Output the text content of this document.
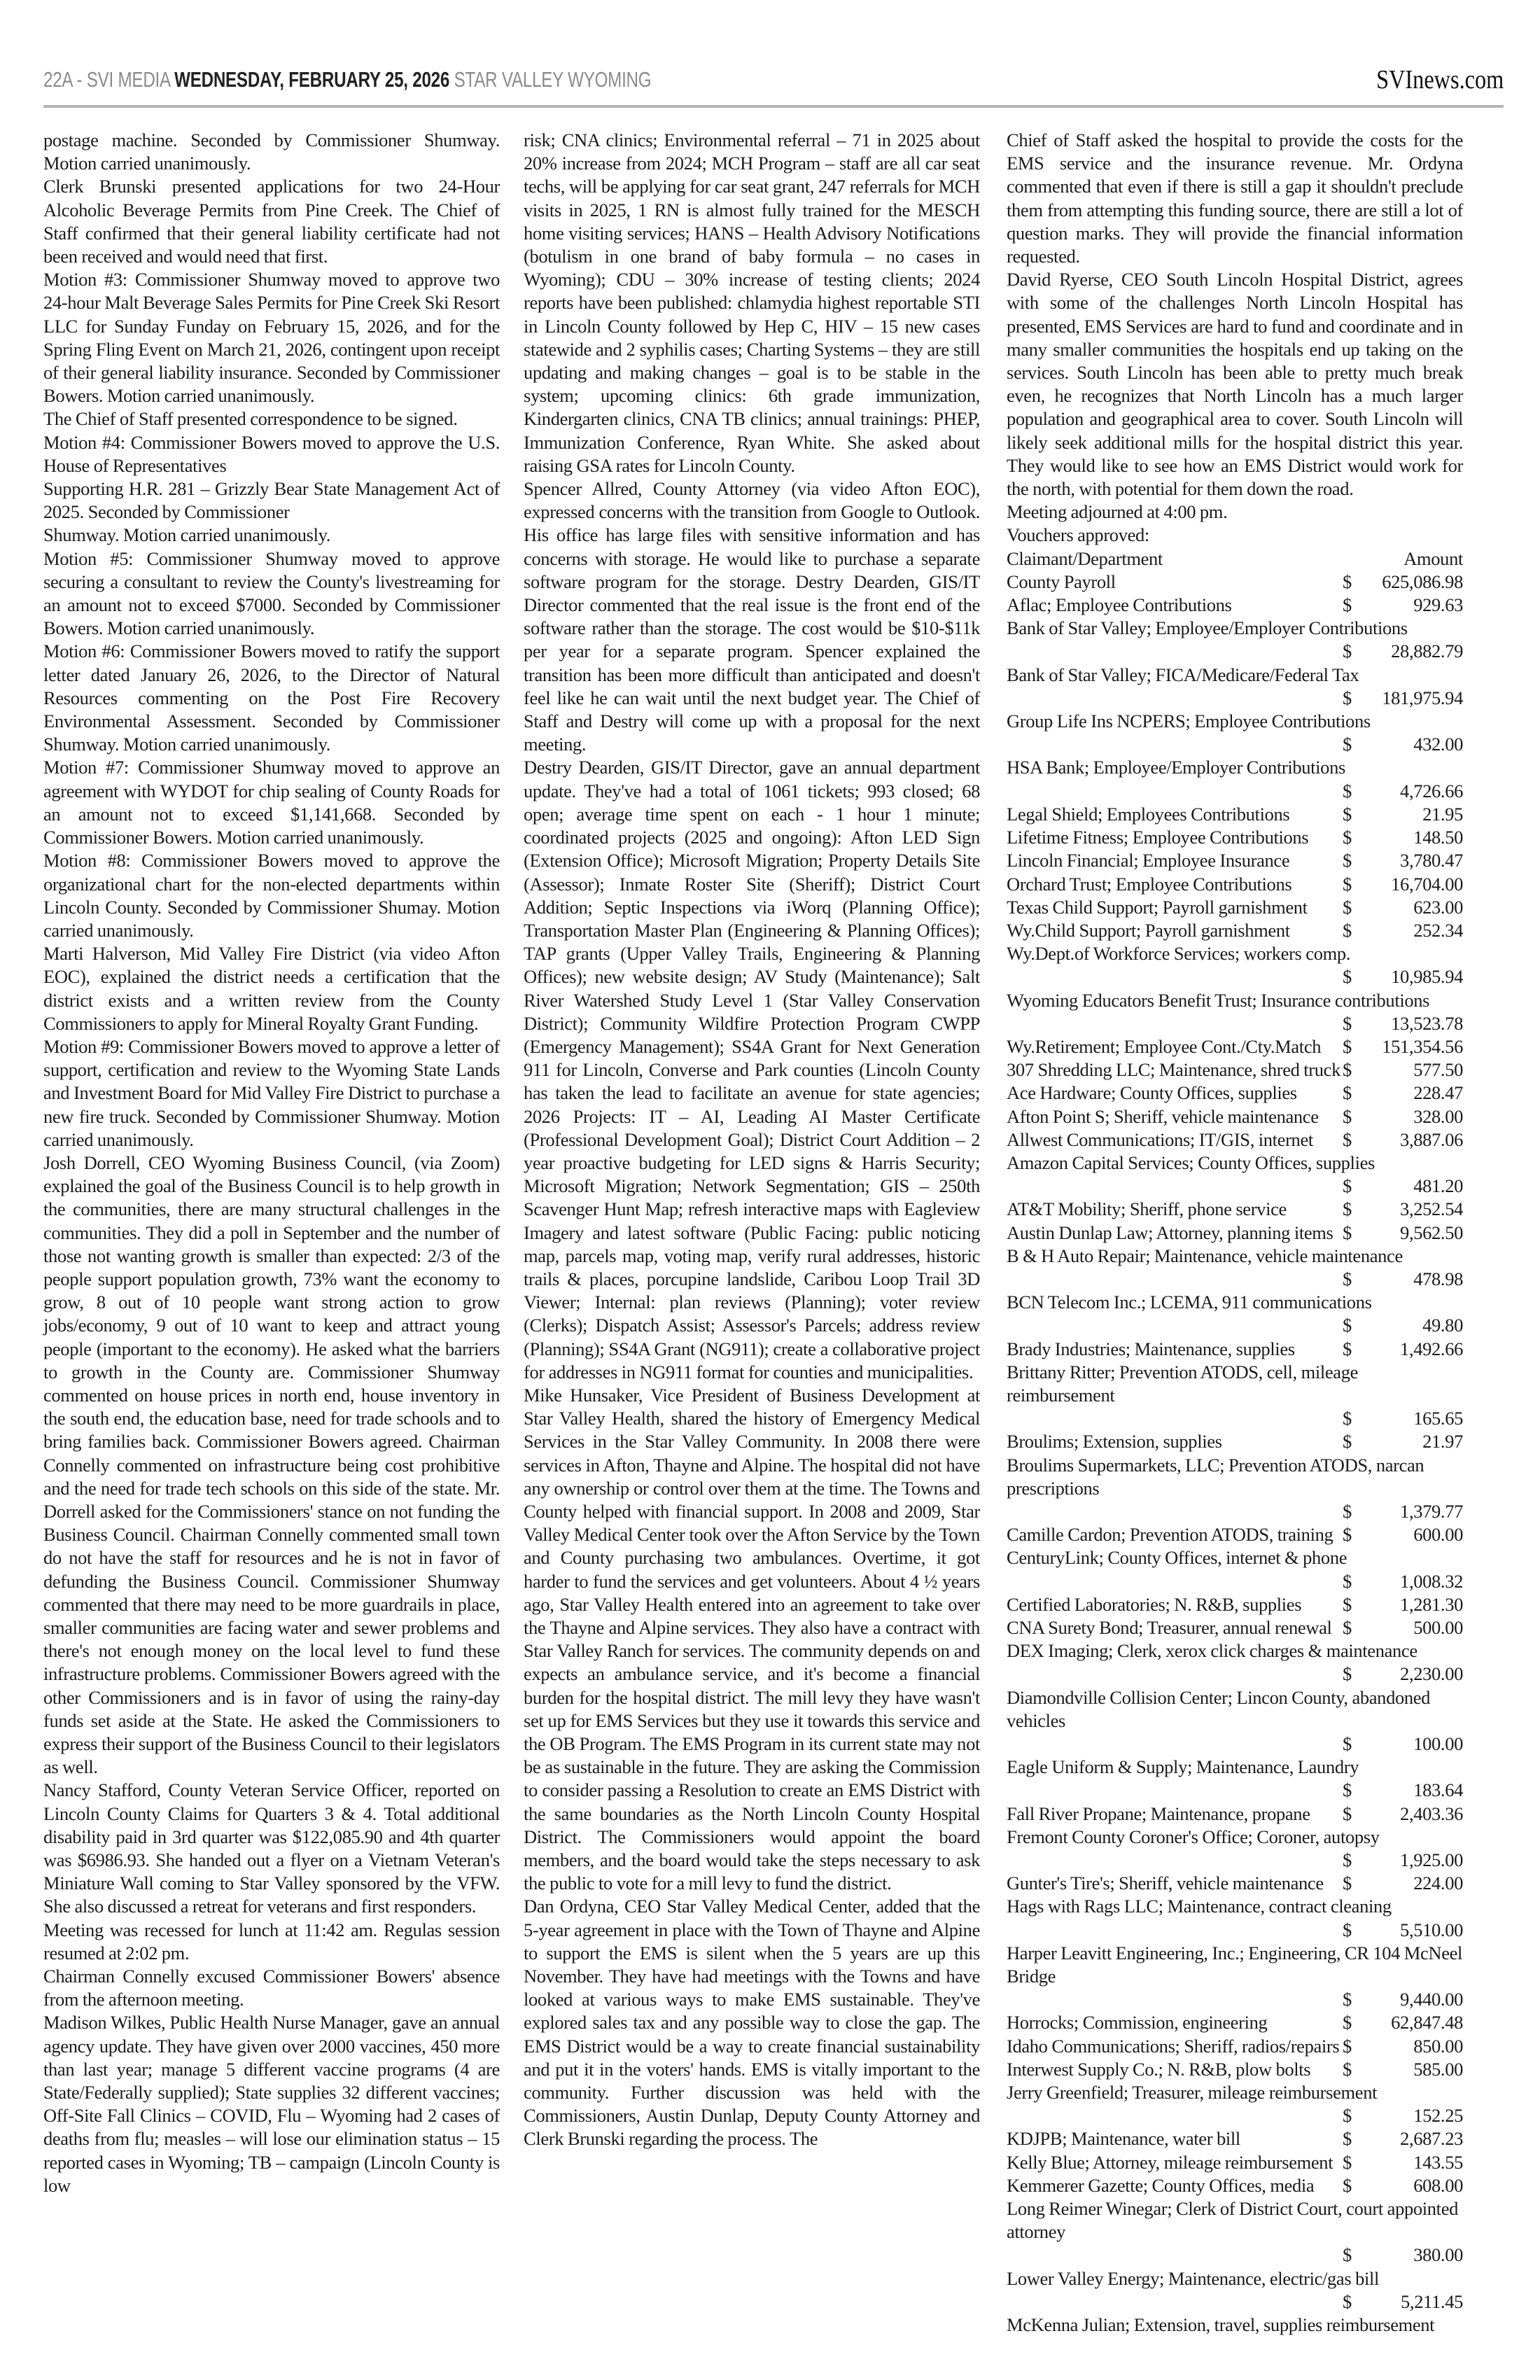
22A - SVI MEDIA WEDNESDAY, FEBRUARY 25, 2026 STAR VALLEY WYOMING	SVInews.com

postage machine. Seconded by Commissioner Shumway. Motion carried unanimously.

Clerk Brunski presented applications for two 24-Hour Alcoholic Beverage Permits from Pine Creek. The Chief of Staff confirmed that their general liability certificate had not been received and would need that first.

Motion #3: Commissioner Shumway moved to approve two 24-hour Malt Beverage Sales Permits for Pine Creek Ski Resort LLC for Sunday Funday on February 15, 2026, and for the Spring Fling Event on March 21, 2026, contingent upon receipt of their general liability insurance. Seconded by Commissioner Bowers. Motion carried unanimously.

The Chief of Staff presented correspondence to be signed.

Motion #4: Commissioner Bowers moved to approve the U.S. House of Representatives

Supporting H.R. 281 – Grizzly Bear State Management Act of 2025. Seconded by Commissioner

Shumway. Motion carried unanimously.

Motion #5: Commissioner Shumway moved to approve securing a consultant to review the County's livestreaming for an amount not to exceed $7000. Seconded by Commissioner Bowers. Motion carried unanimously.

Motion #6: Commissioner Bowers moved to ratify the support letter dated January 26, 2026, to the Director of Natural Resources commenting on the Post Fire Recovery Environmental Assessment. Seconded by Commissioner Shumway. Motion carried unanimously.

Motion #7: Commissioner Shumway moved to approve an agreement with WYDOT for chip sealing of County Roads for an amount not to exceed $1,141,668. Seconded by Commissioner Bowers. Motion carried unanimously.

Motion #8: Commissioner Bowers moved to approve the organizational chart for the non-elected departments within Lincoln County. Seconded by Commissioner Shumay. Motion carried unanimously.

Marti Halverson, Mid Valley Fire District (via video Afton EOC), explained the district needs a certification that the district exists and a written review from the County Commissioners to apply for Mineral Royalty Grant Funding.

Motion #9: Commissioner Bowers moved to approve a letter of support, certification and review to the Wyoming State Lands and Investment Board for Mid Valley Fire District to purchase a new fire truck. Seconded by Commissioner Shumway. Motion carried unanimously.

Josh Dorrell, CEO Wyoming Business Council, (via Zoom) explained the goal of the Business Council is to help growth in the communities, there are many structural challenges in the communities. They did a poll in September and the number of those not wanting growth is smaller than expected: 2/3 of the people support population growth, 73% want the economy to grow, 8 out of 10 people want strong action to grow jobs/economy, 9 out of 10 want to keep and attract young people (important to the economy). He asked what the barriers to growth in the County are. Commissioner Shumway commented on house prices in north end, house inventory in the south end, the education base, need for trade schools and to bring families back. Commissioner Bowers agreed. Chairman Connelly commented on infrastructure being cost prohibitive and the need for trade tech schools on this side of the state. Mr. Dorrell asked for the Commissioners' stance on not funding the Business Council. Chairman Connelly commented small town do not have the staff for resources and he is not in favor of defunding the Business Council. Commissioner Shumway commented that there may need to be more guardrails in place, smaller communities are facing water and sewer problems and there's not enough money on the local level to fund these infrastructure problems. Commissioner Bowers agreed with the other Commissioners and is in favor of using the rainy-day funds set aside at the State. He asked the Commissioners to express their support of the Business Council to their legislators as well.

Nancy Stafford, County Veteran Service Officer, reported on Lincoln County Claims for Quarters 3 & 4. Total additional disability paid in 3rd quarter was $122,085.90 and 4th quarter was $6986.93. She handed out a flyer on a Vietnam Veteran's Miniature Wall coming to Star Valley sponsored by the VFW. She also discussed a retreat for veterans and first responders.

Meeting was recessed for lunch at 11:42 am. Regulas session resumed at 2:02 pm.

Chairman Connelly excused Commissioner Bowers' absence from the afternoon meeting.

Madison Wilkes, Public Health Nurse Manager, gave an annual agency update. They have given over 2000 vaccines, 450 more than last year; manage 5 different vaccine programs (4 are State/Federally supplied); State supplies 32 different vaccines; Off-Site Fall Clinics – COVID, Flu – Wyoming had 2 cases of deaths from flu; measles – will lose our elimination status – 15 reported cases in Wyoming; TB – campaign (Lincoln County is low

risk; CNA clinics; Environmental referral – 71 in 2025 about 20% increase from 2024; MCH Program – staff are all car seat techs, will be applying for car seat grant, 247 referrals for MCH visits in 2025, 1 RN is almost fully trained for the MESCH home visiting services; HANS – Health Advisory Notifications (botulism in one brand of baby formula – no cases in Wyoming); CDU – 30% increase of testing clients; 2024 reports have been published: chlamydia highest reportable STI in Lincoln County followed by Hep C, HIV – 15 new cases statewide and 2 syphilis cases; Charting Systems – they are still updating and making changes – goal is to be stable in the system; upcoming clinics: 6th grade immunization, Kindergarten clinics, CNA TB clinics; annual trainings: PHEP, Immunization Conference, Ryan White. She asked about raising GSA rates for Lincoln County.

Spencer Allred, County Attorney (via video Afton EOC), expressed concerns with the transition from Google to Outlook. His office has large files with sensitive information and has concerns with storage. He would like to purchase a separate software program for the storage. Destry Dearden, GIS/IT Director commented that the real issue is the front end of the software rather than the storage. The cost would be $10-$11k per year for a separate program. Spencer explained the transition has been more difficult than anticipated and doesn't feel like he can wait until the next budget year. The Chief of Staff and Destry will come up with a proposal for the next meeting.

Destry Dearden, GIS/IT Director, gave an annual department update. They've had a total of 1061 tickets; 993 closed; 68 open; average time spent on each - 1 hour 1 minute; coordinated projects (2025 and ongoing): Afton LED Sign (Extension Office); Microsoft Migration; Property Details Site (Assessor); Inmate Roster Site (Sheriff); District Court Addition; Septic Inspections via iWorq (Planning Office); Transportation Master Plan (Engineering & Planning Offices); TAP grants (Upper Valley Trails, Engineering & Planning Offices); new website design; AV Study (Maintenance); Salt River Watershed Study Level 1 (Star Valley Conservation District); Community Wildfire Protection Program CWPP (Emergency Management); SS4A Grant for Next Generation 911 for Lincoln, Converse and Park counties (Lincoln County has taken the lead to facilitate an avenue for state agencies; 2026 Projects: IT – AI, Leading AI Master Certificate (Professional Development Goal); District Court Addition – 2 year proactive budgeting for LED signs & Harris Security; Microsoft Migration; Network Segmentation; GIS – 250th Scavenger Hunt Map; refresh interactive maps with Eagleview Imagery and latest software (Public Facing: public noticing map, parcels map, voting map, verify rural addresses, historic trails & places, porcupine landslide, Caribou Loop Trail 3D Viewer; Internal: plan reviews (Planning); voter review (Clerks); Dispatch Assist; Assessor's Parcels; address review (Planning); SS4A Grant (NG911); create a collaborative project for addresses in NG911 format for counties and municipalities.

Mike Hunsaker, Vice President of Business Development at Star Valley Health, shared the history of Emergency Medical Services in the Star Valley Community. In 2008 there were services in Afton, Thayne and Alpine. The hospital did not have any ownership or control over them at the time. The Towns and County helped with financial support. In 2008 and 2009, Star Valley Medical Center took over the Afton Service by the Town and County purchasing two ambulances. Overtime, it got harder to fund the services and get volunteers. About 4 ½ years ago, Star Valley Health entered into an agreement to take over the Thayne and Alpine services. They also have a contract with Star Valley Ranch for services. The community depends on and expects an ambulance service, and it's become a financial burden for the hospital district. The mill levy they have wasn't set up for EMS Services but they use it towards this service and the OB Program. The EMS Program in its current state may not be as sustainable in the future. They are asking the Commission to consider passing a Resolution to create an EMS District with the same boundaries as the North Lincoln County Hospital District. The Commissioners would appoint the board members, and the board would take the steps necessary to ask the public to vote for a mill levy to fund the district.

Dan Ordyna, CEO Star Valley Medical Center, added that the 5-year agreement in place with the Town of Thayne and Alpine to support the EMS is silent when the 5 years are up this November. They have had meetings with the Towns and have looked at various ways to make EMS sustainable. They've explored sales tax and any possible way to close the gap. The EMS District would be a way to create financial sustainability and put it in the voters' hands. EMS is vitally important to the community. Further discussion was held with the Commissioners, Austin Dunlap, Deputy County Attorney and Clerk Brunski regarding the process. The

Chief of Staff asked the hospital to provide the costs for the EMS service and the insurance revenue. Mr. Ordyna commented that even if there is still a gap it shouldn't preclude them from attempting this funding source, there are still a lot of question marks. They will provide the financial information requested.

David Ryerse, CEO South Lincoln Hospital District, agrees with some of the challenges North Lincoln Hospital has presented, EMS Services are hard to fund and coordinate and in many smaller communities the hospitals end up taking on the services. South Lincoln has been able to pretty much break even, he recognizes that North Lincoln has a much larger population and geographical area to cover. South Lincoln will likely seek additional mills for the hospital district this year. They would like to see how an EMS District would work for the north, with potential for them down the road.

Meeting adjourned at 4:00 pm.

Vouchers approved:

Claimant/Department	Amount
County Payroll	$	625,086.98
Aflac; Employee Contributions	$	929.63
Bank of Star Valley; Employee/Employer Contributions
$	28,882.79
Bank of Star Valley; FICA/Medicare/Federal Tax
$	181,975.94
Group Life Ins NCPERS; Employee Contributions
$	432.00
HSA Bank; Employee/Employer Contributions
$	4,726.66
Legal Shield; Employees Contributions	$	21.95
Lifetime Fitness; Employee Contributions $	148.50
Lincoln Financial; Employee Insurance	$	3,780.47
Orchard Trust; Employee Contributions	$	16,704.00
Texas Child Support; Payroll garnishment $	623.00
Wy.Child Support; Payroll garnishment	$	252.34
Wy.Dept.of Workforce Services; workers comp.
$	10,985.94
Wyoming Educators Benefit Trust; Insurance contributions
$	13,523.78
Wy.Retirement; Employee Cont./Cty.Match $	151,354.56
307 Shredding LLC; Maintenance, shred truck $	577.50
Ace Hardware; County Offices, supplies $	228.47
Afton Point S; Sheriff, vehicle maintenance $	328.00
Allwest Communications; IT/GIS, internet $	3,887.06
Amazon Capital Services; County Offices, supplies
$	481.20
AT&T Mobility; Sheriff, phone service	$	3,252.54
Austin Dunlap Law; Attorney, planning items $	9,562.50
B & H Auto Repair; Maintenance, vehicle maintenance
$	478.98
BCN Telecom Inc.; LCEMA, 911 communications
$	49.80
Brady Industries; Maintenance, supplies	$	1,492.66
Brittany Ritter; Prevention ATODS, cell, mileage reimbursement
$	165.65
Broulims; Extension, supplies	$	21.97
Broulims Supermarkets, LLC; Prevention ATODS, narcan prescriptions
$	1,379.77
Camille Cardon; Prevention ATODS, training $	600.00
CenturyLink; County Offices, internet & phone
$	1,008.32
Certified Laboratories; N. R&B, supplies $	1,281.30
CNA Surety Bond; Treasurer, annual renewal $	500.00
DEX Imaging; Clerk, xerox click charges & maintenance
$	2,230.00
Diamondville Collision Center; Lincon County, abandoned vehicles
$	100.00
Eagle Uniform & Supply; Maintenance, Laundry
$	183.64
Fall River Propane; Maintenance, propane $	2,403.36
Fremont County Coroner's Office; Coroner, autopsy
$	1,925.00
Gunter's Tire's; Sheriff, vehicle maintenance $	224.00
Hags with Rags LLC; Maintenance, contract cleaning
$	5,510.00
Harper Leavitt Engineering, Inc.; Engineering, CR 104 McNeel Bridge
$	9,440.00
Horrocks; Commission, engineering	$	62,847.48
Idaho Communications; Sheriff, radios/repairs $	850.00
Interwest Supply Co.; N. R&B, plow bolts $	585.00
Jerry Greenfield; Treasurer, mileage reimbursement
$	152.25
KDJPB; Maintenance, water bill	$	2,687.23
Kelly Blue; Attorney, mileage reimbursement $	143.55
Kemmerer Gazette; County Offices, media $	608.00
Long Reimer Winegar; Clerk of District Court, court appointed attorney
$	380.00
Lower Valley Energy; Maintenance, electric/gas bill
$	5,211.45
McKenna Julian; Extension, travel, supplies reimbursement
